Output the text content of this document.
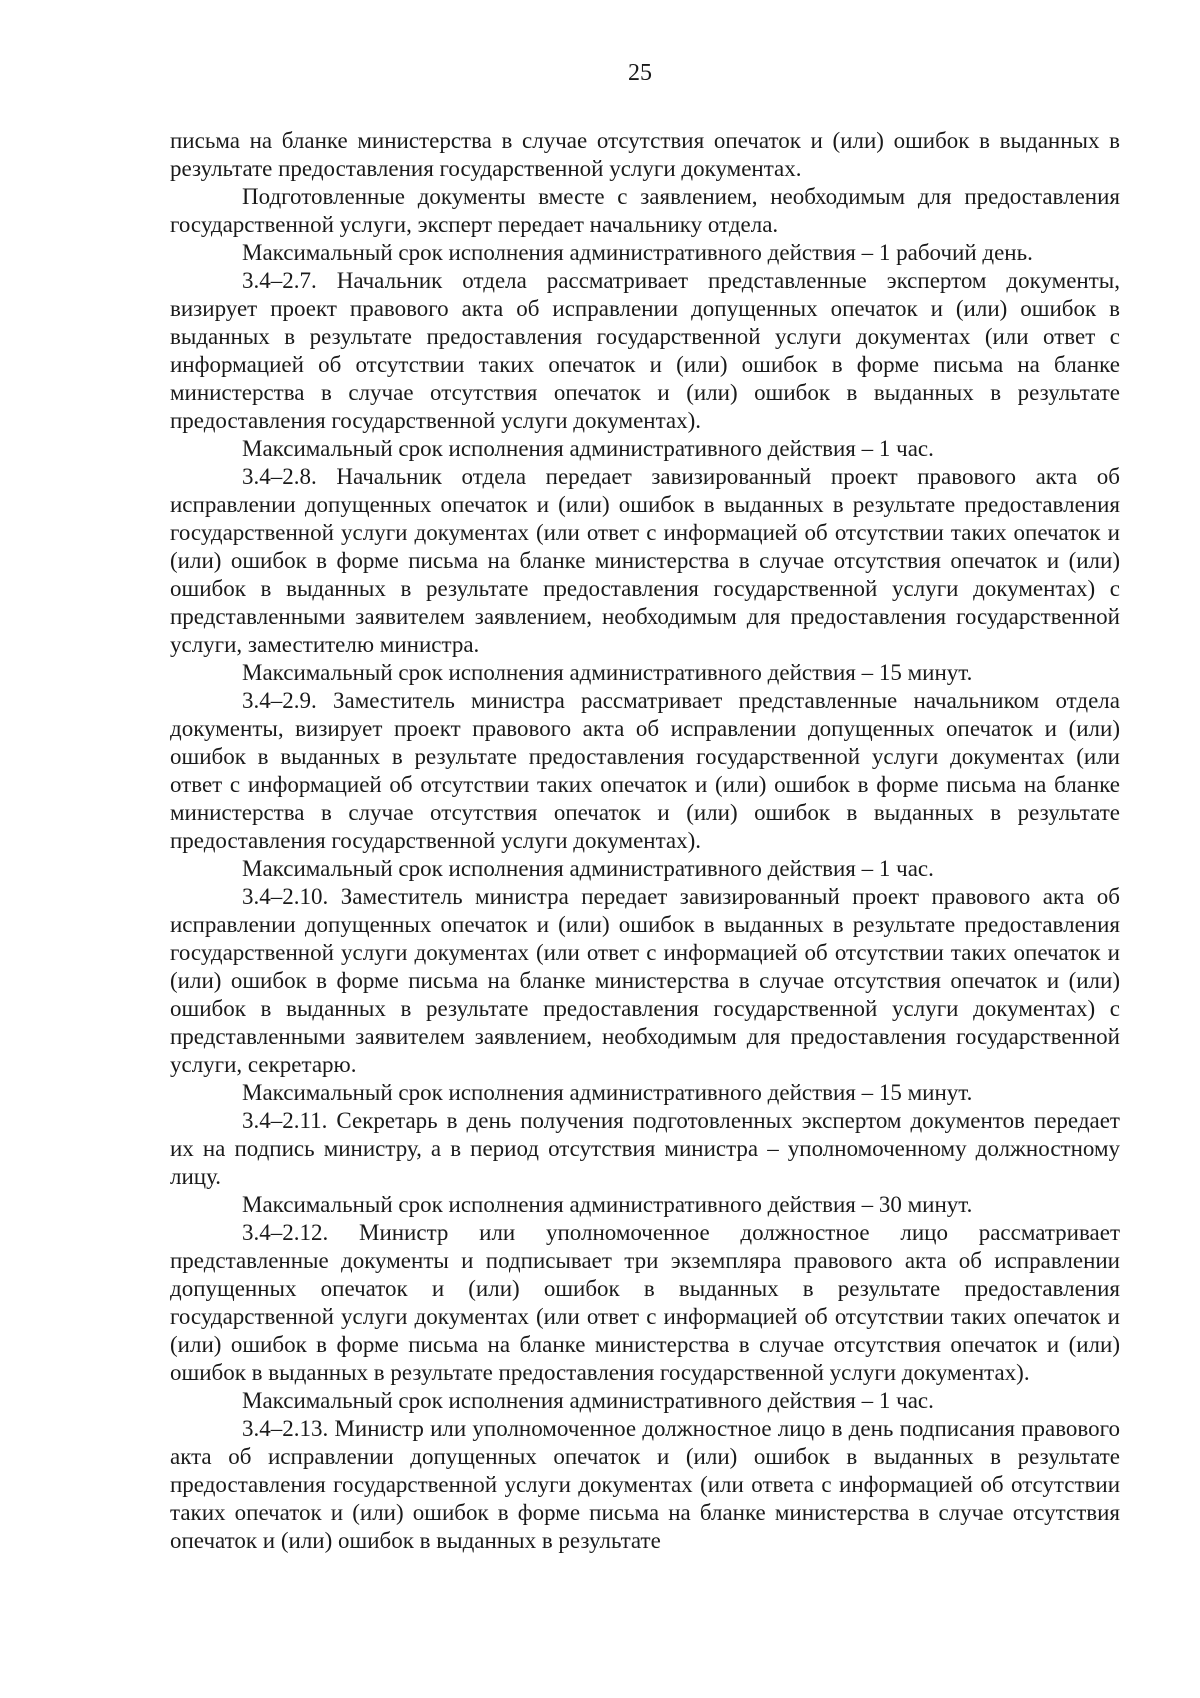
25

письма на бланке министерства в случае отсутствия опечаток и (или) ошибок в выданных в результате предоставления государственной услуги документах.

Подготовленные документы вместе с заявлением, необходимым для предоставления государственной услуги, эксперт передает начальнику отдела.

Максимальный срок исполнения административного действия – 1 рабочий день.

3.4–2.7. Начальник отдела рассматривает представленные экспертом документы, визирует проект правового акта об исправлении допущенных опечаток и (или) ошибок в выданных в результате предоставления государственной услуги документах (или ответ с информацией об отсутствии таких опечаток и (или) ошибок в форме письма на бланке министерства в случае отсутствия опечаток и (или) ошибок в выданных в результате предоставления государственной услуги документах).

Максимальный срок исполнения административного действия – 1 час.

3.4–2.8. Начальник отдела передает завизированный проект правового акта об исправлении допущенных опечаток и (или) ошибок в выданных в результате предоставления государственной услуги документах (или ответ с информацией об отсутствии таких опечаток и (или) ошибок в форме письма на бланке министерства в случае отсутствия опечаток и (или) ошибок в выданных в результате предоставления государственной услуги документах) с представленными заявителем заявлением, необходимым для предоставления государственной услуги, заместителю министра.

Максимальный срок исполнения административного действия – 15 минут.

3.4–2.9. Заместитель министра рассматривает представленные начальником отдела документы, визирует проект правового акта об исправлении допущенных опечаток и (или) ошибок в выданных в результате предоставления государственной услуги документах (или ответ с информацией об отсутствии таких опечаток и (или) ошибок в форме письма на бланке министерства в случае отсутствия опечаток и (или) ошибок в выданных в результате предоставления государственной услуги документах).

Максимальный срок исполнения административного действия – 1 час.

3.4–2.10. Заместитель министра передает завизированный проект правового акта об исправлении допущенных опечаток и (или) ошибок в выданных в результате предоставления государственной услуги документах (или ответ с информацией об отсутствии таких опечаток и (или) ошибок в форме письма на бланке министерства в случае отсутствия опечаток и (или) ошибок в выданных в результате предоставления государственной услуги документах) с представленными заявителем заявлением, необходимым для предоставления государственной услуги, секретарю.

Максимальный срок исполнения административного действия – 15 минут.

3.4–2.11. Секретарь в день получения подготовленных экспертом документов передает их на подпись министру, а в период отсутствия министра – уполномоченному должностному лицу.

Максимальный срок исполнения административного действия – 30 минут.

3.4–2.12. Министр или уполномоченное должностное лицо рассматривает представленные документы и подписывает три экземпляра правового акта об исправлении допущенных опечаток и (или) ошибок в выданных в результате предоставления государственной услуги документах (или ответ с информацией об отсутствии таких опечаток и (или) ошибок в форме письма на бланке министерства в случае отсутствия опечаток и (или) ошибок в выданных в результате предоставления государственной услуги документах).

Максимальный срок исполнения административного действия – 1 час.

3.4–2.13. Министр или уполномоченное должностное лицо в день подписания правового акта об исправлении допущенных опечаток и (или) ошибок в выданных в результате предоставления государственной услуги документах (или ответа с информацией об отсутствии таких опечаток и (или) ошибок в форме письма на бланке министерства в случае отсутствия опечаток и (или) ошибок в выданных в результате
